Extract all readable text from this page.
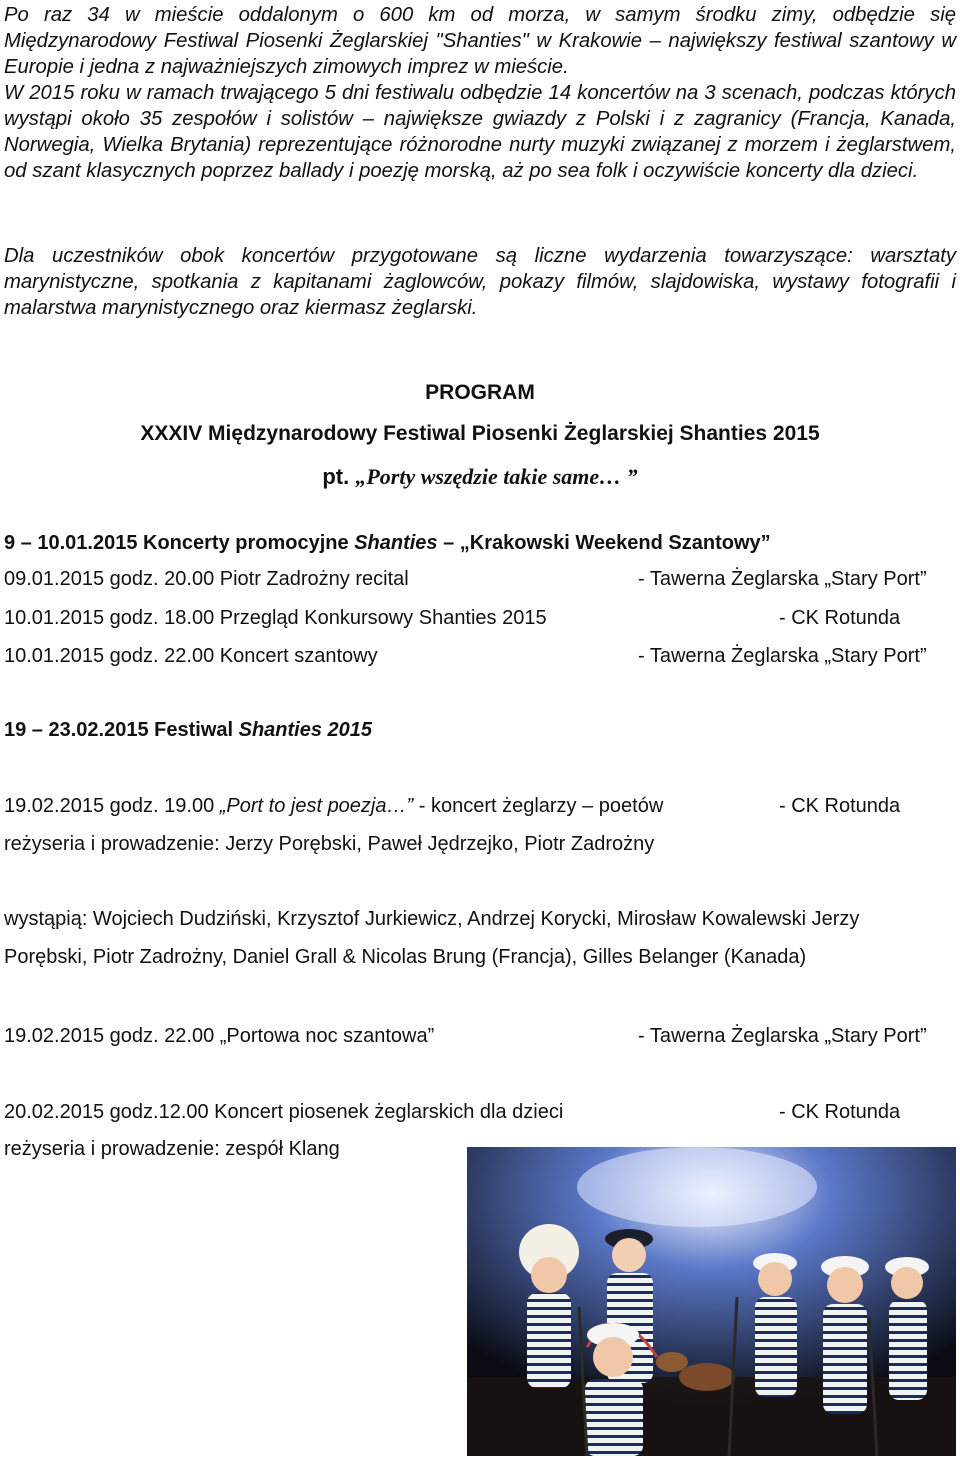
Po raz 34 w mieście oddalonym o 600 km od morza, w samym środku zimy, odbędzie się Międzynarodowy Festiwal Piosenki Żeglarskiej "Shanties" w Krakowie – największy festiwal szantowy w Europie i jedna z najważniejszych zimowych imprez w mieście.

W 2015 roku w ramach trwającego 5 dni festiwalu odbędzie 14 koncertów na 3 scenach, podczas których wystąpi około 35 zespołów i solistów – największe gwiazdy z Polski i z zagranicy (Francja, Kanada, Norwegia, Wielka Brytania) reprezentujące różnorodne nurty muzyki związanej z morzem i żeglarstwem, od szant klasycznych poprzez ballady i poezję morską, aż po sea folk i oczywiście koncerty dla dzieci.

Dla uczestników obok koncertów przygotowane są liczne wydarzenia towarzyszące: warsztaty marynistyczne, spotkania z kapitanami żaglowców, pokazy filmów, slajdowiska, wystawy fotografii i malarstwa marynistycznego oraz kiermasz żeglarski.

PROGRAM
XXXIV Międzynarodowy Festiwal Piosenki Żeglarskiej Shanties 2015
pt. „Porty wszędzie takie same… ”
9 – 10.01.2015 Koncerty promocyjne Shanties – „Krakowski Weekend Szantowy”
09.01.2015 godz. 20.00 Piotr Zadrożny recital	- Tawerna Żeglarska „Stary Port”
10.01.2015 godz. 18.00 Przegląd Konkursowy Shanties 2015	- CK Rotunda
10.01.2015 godz. 22.00 Koncert szantowy	- Tawerna Żeglarska „Stary Port”
19 – 23.02.2015 Festiwal Shanties 2015
19.02.2015 godz. 19.00 „Port to jest poezja…” - koncert żeglarzy – poetów	- CK Rotunda
reżyseria i prowadzenie: Jerzy Porębski, Paweł Jędrzejko, Piotr Zadrożny
wystąpią: Wojciech Dudziński, Krzysztof Jurkiewicz, Andrzej Korycki, Mirosław Kowalewski Jerzy
Porębski, Piotr Zadrożny, Daniel Grall & Nicolas Brung (Francja), Gilles Belanger (Kanada)
19.02.2015 godz. 22.00 „Portowa noc szantowa”	- Tawerna Żeglarska „Stary Port”
20.02.2015 godz.12.00 Koncert piosenek żeglarskich dla dzieci	- CK Rotunda
reżyseria i prowadzenie: zespół Klang
